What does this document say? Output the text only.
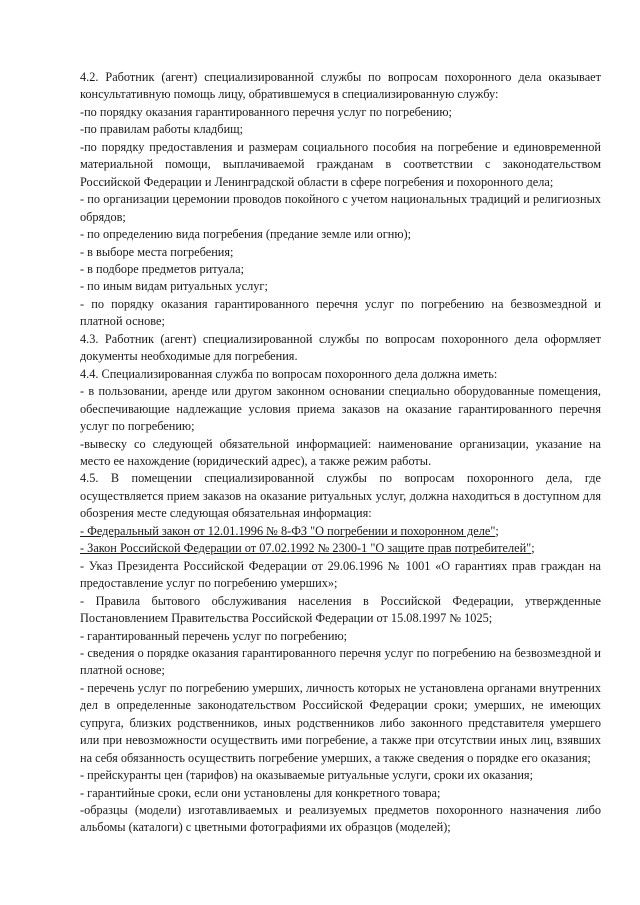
4.2. Работник (агент) специализированной службы по вопросам похоронного дела оказывает консультативную помощь лицу, обратившемуся в специализированную службу:

-по порядку оказания гарантированного перечня услуг по погребению;

-по правилам работы кладбищ;

-по порядку предоставления и размерам социального пособия на погребение и единовременной материальной помощи, выплачиваемой гражданам в соответствии с законодательством Российской Федерации и Ленинградской области в сфере погребения и похоронного дела;

- по организации церемонии проводов покойного с учетом национальных традиций и религиозных обрядов;

- по определению вида погребения (предание земле или огню);

- в выборе места погребения;

- в подборе предметов ритуала;

- по иным видам ритуальных услуг;

- по порядку оказания гарантированного перечня услуг по погребению на безвозмездной и платной основе;

4.3. Работник (агент) специализированной службы по вопросам похоронного дела оформляет документы необходимые для погребения.

4.4. Специализированная служба по вопросам похоронного дела должна иметь:

- в пользовании, аренде или другом законном основании специально оборудованные помещения, обеспечивающие надлежащие условия приема заказов на оказание гарантированного перечня услуг по погребению;

-вывеску со следующей обязательной информацией: наименование организации, указание на место ее нахождение (юридический адрес), а также режим работы.

4.5. В помещении специализированной службы по вопросам похоронного дела, где осуществляется прием заказов на оказание ритуальных услуг, должна находиться в доступном для обозрения месте следующая обязательная информация:

- Федеральный закон от 12.01.1996 № 8-ФЗ "О погребении и похоронном деле";

- Закон Российской Федерации от 07.02.1992 № 2300-1 "О защите прав потребителей";

- Указ Президента Российской Федерации от 29.06.1996 № 1001 «О гарантиях прав граждан на предоставление услуг по погребению умерших»;

- Правила бытового обслуживания населения в Российской Федерации, утвержденные Постановлением Правительства Российской Федерации от 15.08.1997 № 1025;

- гарантированный перечень услуг по погребению;

- сведения о порядке оказания гарантированного перечня услуг по погребению на безвозмездной и платной основе;

- перечень услуг по погребению умерших, личность которых не установлена органами внутренних дел в определенные законодательством Российской Федерации сроки; умерших, не имеющих супруга, близких родственников, иных родственников либо законного представителя умершего или при невозможности осуществить ими погребение, а также при отсутствии иных лиц, взявших на себя обязанность осуществить погребение умерших, а также сведения о порядке его оказания;

- прейскуранты цен (тарифов) на оказываемые ритуальные услуги, сроки их оказания;

- гарантийные сроки, если они установлены для конкретного товара;

-образцы (модели) изготавливаемых и реализуемых предметов похоронного назначения либо альбомы (каталоги) с цветными фотографиями их образцов (моделей);
